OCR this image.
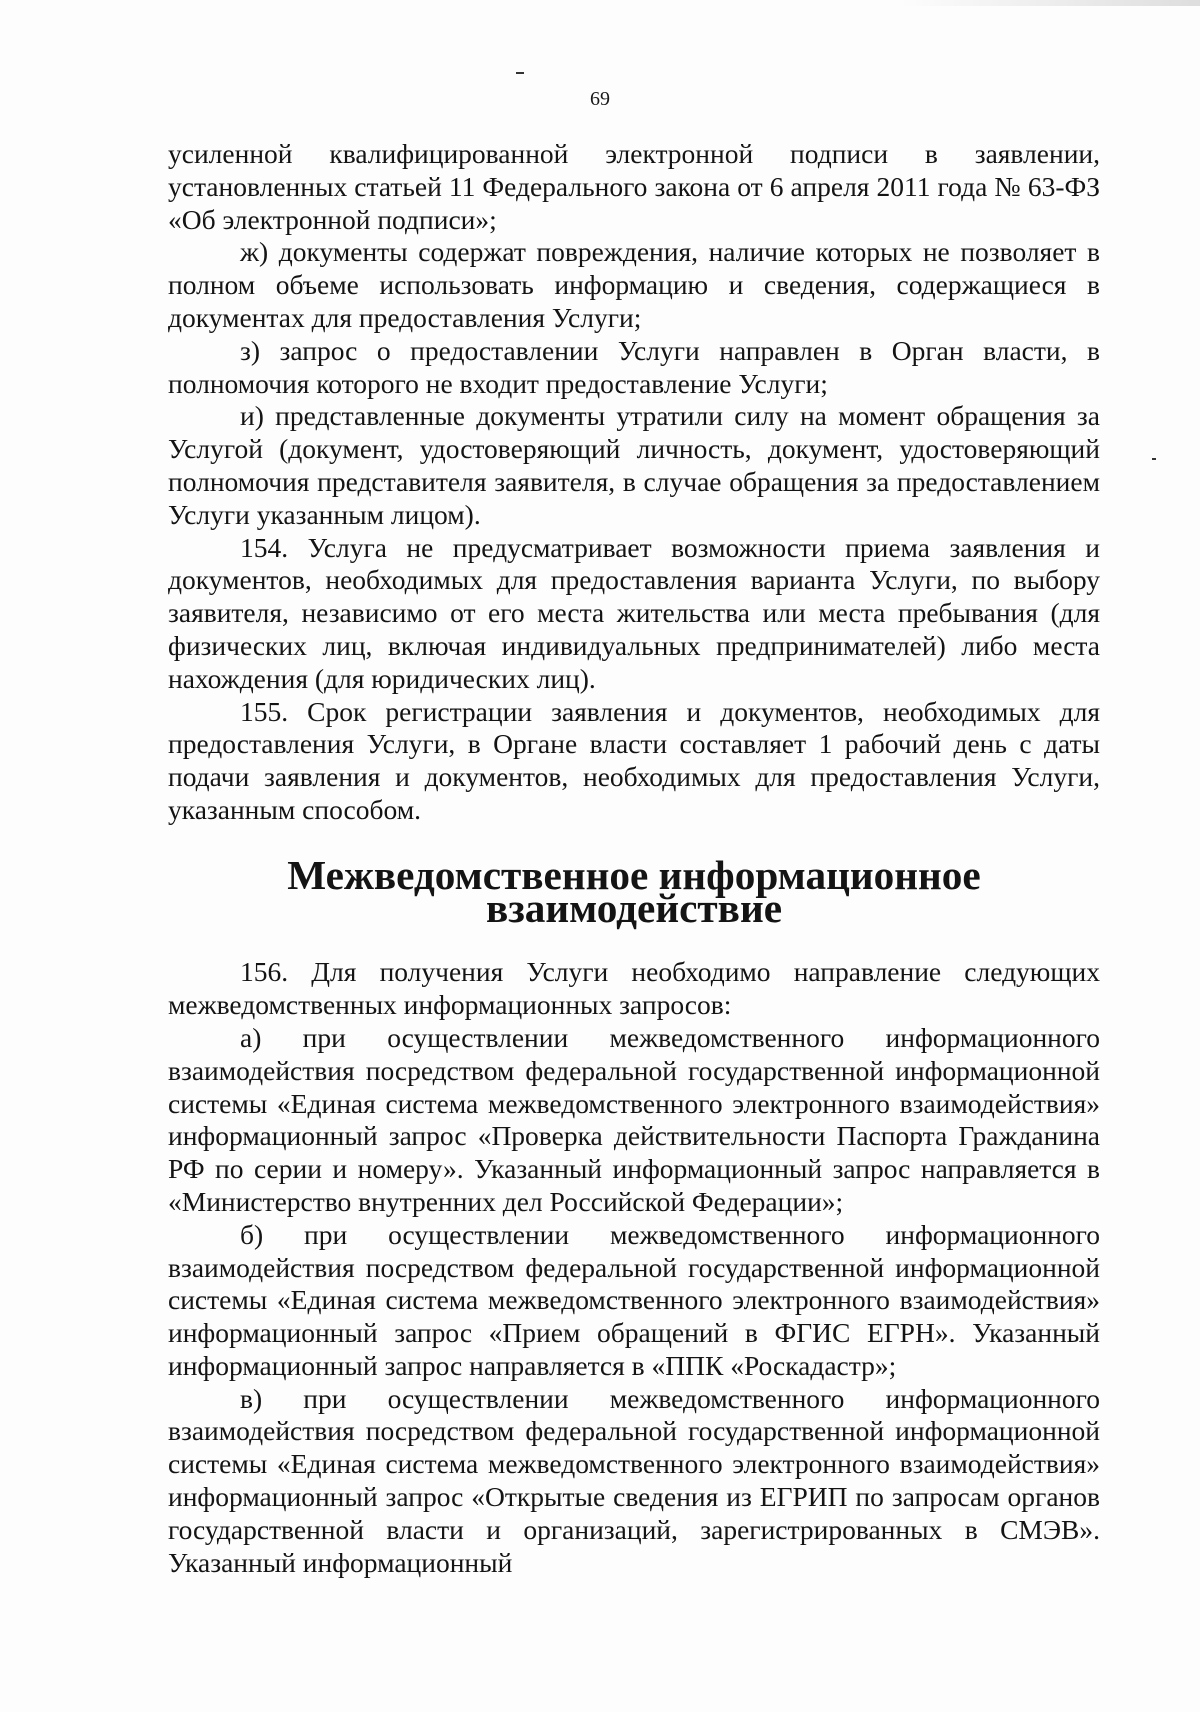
69

усиленной квалифицированной электронной подписи в заявлении, установленных статьей 11 Федерального закона от 6 апреля 2011 года № 63-ФЗ «Об электронной подписи»;

ж) документы содержат повреждения, наличие которых не позволяет в полном объеме использовать информацию и сведения, содержащиеся в документах для предоставления Услуги;

з) запрос о предоставлении Услуги направлен в Орган власти, в полномочия которого не входит предоставление Услуги;

и) представленные документы утратили силу на момент обращения за Услугой (документ, удостоверяющий личность, документ, удостоверяющий полномочия представителя заявителя, в случае обращения за предоставлением Услуги указанным лицом).

154. Услуга не предусматривает возможности приема заявления и документов, необходимых для предоставления варианта Услуги, по выбору заявителя, независимо от его места жительства или места пребывания (для физических лиц, включая индивидуальных предпринимателей) либо места нахождения (для юридических лиц).

155. Срок регистрации заявления и документов, необходимых для предоставления Услуги, в Органе власти составляет 1 рабочий день с даты подачи заявления и документов, необходимых для предоставления Услуги, указанным способом.

Межведомственное информационное взаимодействие

156. Для получения Услуги необходимо направление следующих межведомственных информационных запросов:

а) при осуществлении межведомственного информационного взаимодействия посредством федеральной государственной информационной системы «Единая система межведомственного электронного взаимодействия» информационный запрос «Проверка действительности Паспорта Гражданина РФ по серии и номеру». Указанный информационный запрос направляется в «Министерство внутренних дел Российской Федерации»;

б) при осуществлении межведомственного информационного взаимодействия посредством федеральной государственной информационной системы «Единая система межведомственного электронного взаимодействия» информационный запрос «Прием обращений в ФГИС ЕГРН». Указанный информационный запрос направляется в «ППК «Роскадастр»;

в) при осуществлении межведомственного информационного взаимодействия посредством федеральной государственной информационной системы «Единая система межведомственного электронного взаимодействия» информационный запрос «Открытые сведения из ЕГРИП по запросам органов государственной власти и организаций, зарегистрированных в СМЭВ». Указанный информационный
